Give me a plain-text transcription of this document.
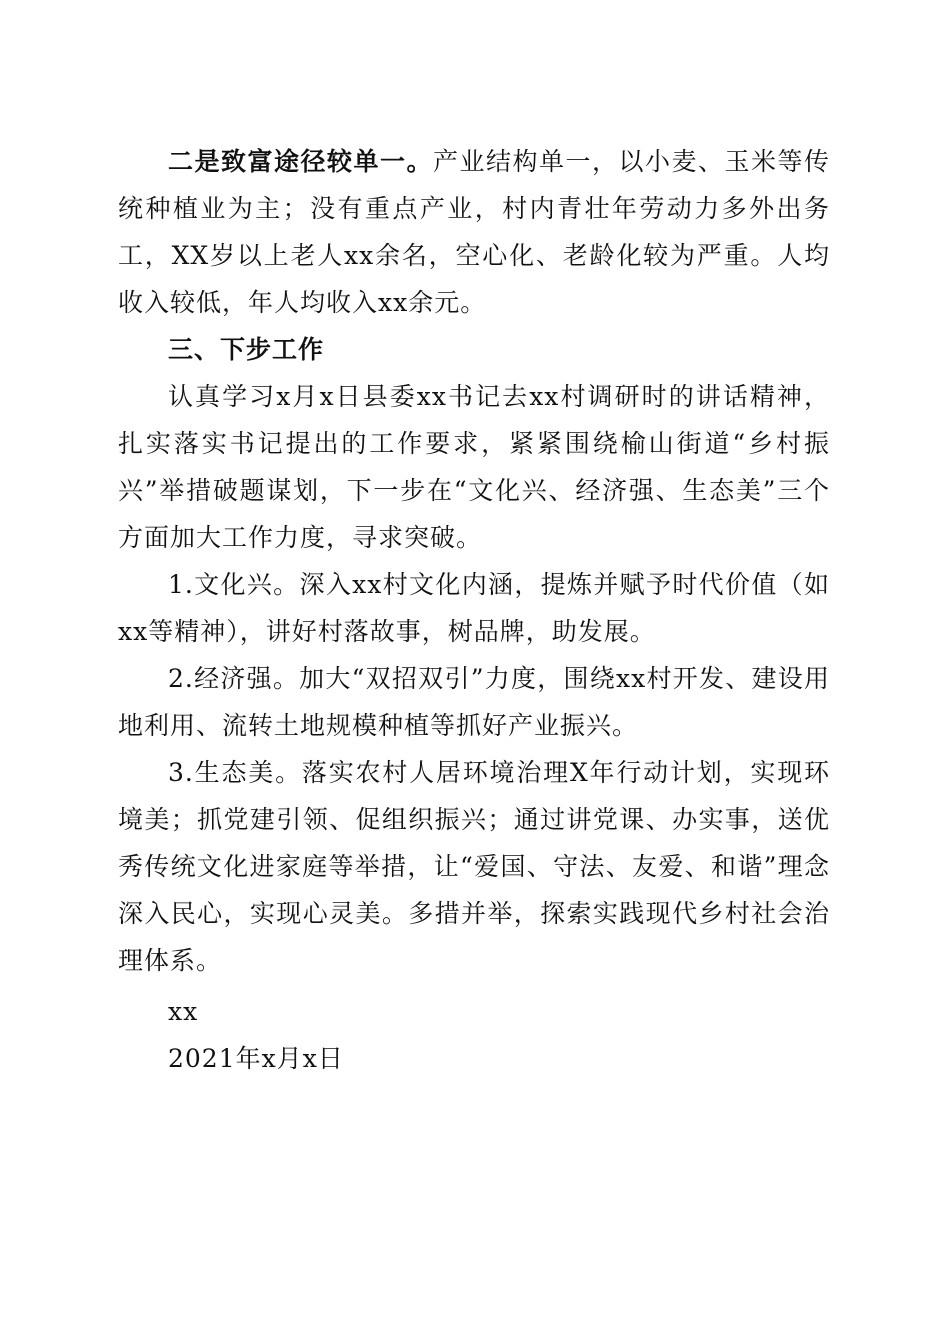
二是致富途径较单一。产业结构单一，以小麦、玉米等传统种植业为主；没有重点产业，村内青壮年劳动力多外出务工，XX岁以上老人xx余名，空心化、老龄化较为严重。人均收入较低，年人均收入xx余元。

三、下步工作

认真学习x月x日县委xx书记去xx村调研时的讲话精神，扎实落实书记提出的工作要求，紧紧围绕榆山街道“乡村振兴”举措破题谋划，下一步在“文化兴、经济强、生态美”三个方面加大工作力度，寻求突破。

1.文化兴。深入xx村文化内涵，提炼并赋予时代价值（如xx等精神），讲好村落故事，树品牌，助发展。

2.经济强。加大“双招双引”力度，围绕xx村开发、建设用地利用、流转土地规模种植等抓好产业振兴。

3.生态美。落实农村人居环境治理X年行动计划，实现环境美；抓党建引领、促组织振兴；通过讲党课、办实事，送优秀传统文化进家庭等举措，让“爱国、守法、友爱、和谐”理念深入民心，实现心灵美。多措并举，探索实践现代乡村社会治理体系。

xx

2021年x月x日
